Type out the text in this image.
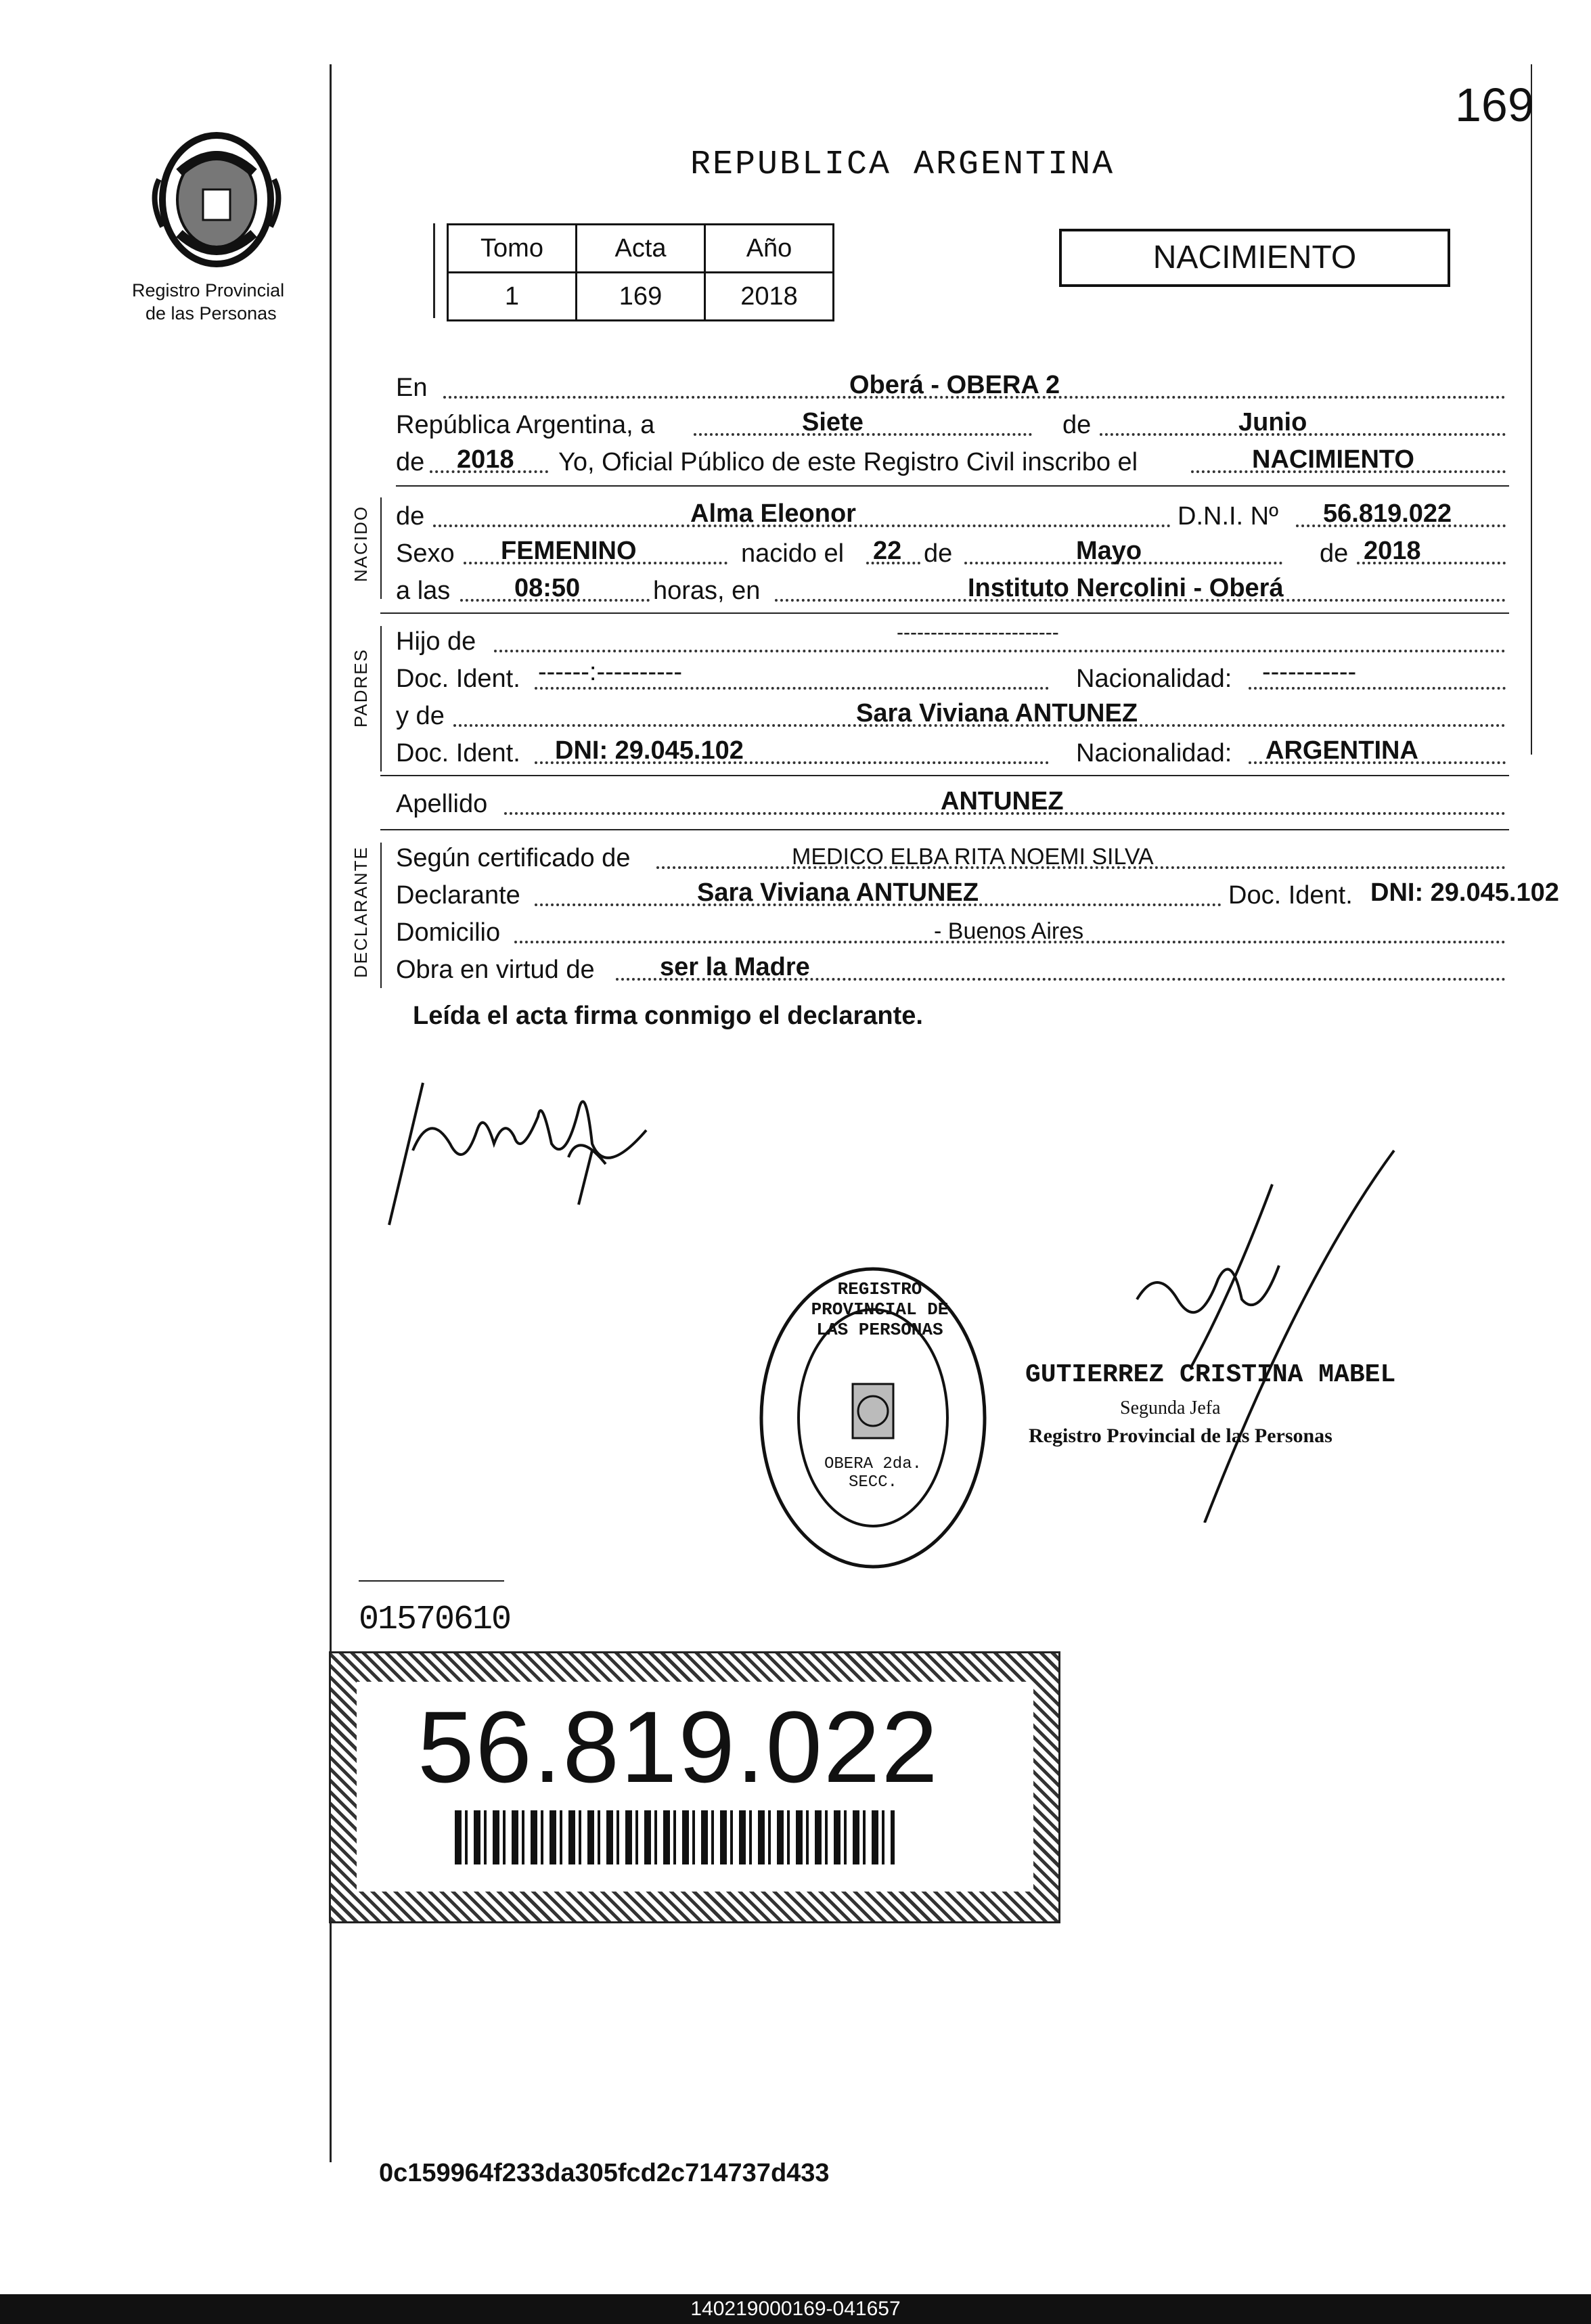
169
Registro Provincial
de las Personas
REPUBLICA ARGENTINA
Tomo	Acta	Año
1	169	2018
NACIMIENTO
En	Oberá - OBERA 2
República Argentina, a	Siete	de	Junio
de 2018 Yo, Oficial Público de este Registro Civil inscribo el	NACIMIENTO
NACIDO de	Alma Eleonor	D.N.I. Nº 56.819.022
Sexo FEMENINO	nacido el 22 de	Mayo	de 2018
a las 08:50	horas, en	Instituto Nercolini - Oberá
PADRES
Hijo de	------------------------
Doc. Ident. ------:----------	Nacionalidad: -----------
y de	Sara Viviana ANTUNEZ
Doc. Ident. DNI: 29.045.102	Nacionalidad: ARGENTINA
Apellido	ANTUNEZ
DECLARANTE Según certificado de	MEDICO ELBA RITA NOEMI SILVA
Declarante	Sara Viviana ANTUNEZ	Doc. Ident. DNI: 29.045.102
Domicilio	- Buenos Aires
Obra en virtud de	ser la Madre
Leída el acta firma conmigo el declarante.
REGISTRO PROVINCIAL DE LAS PERSONAS
OBERA 2da. SECC.
GUTIERREZ CRISTINA MABEL
Segunda Jefa
Registro Provincial de las Personas
01570610
56.819.022
0c159964f233da305fcd2c714737d433
140219000169-041657
